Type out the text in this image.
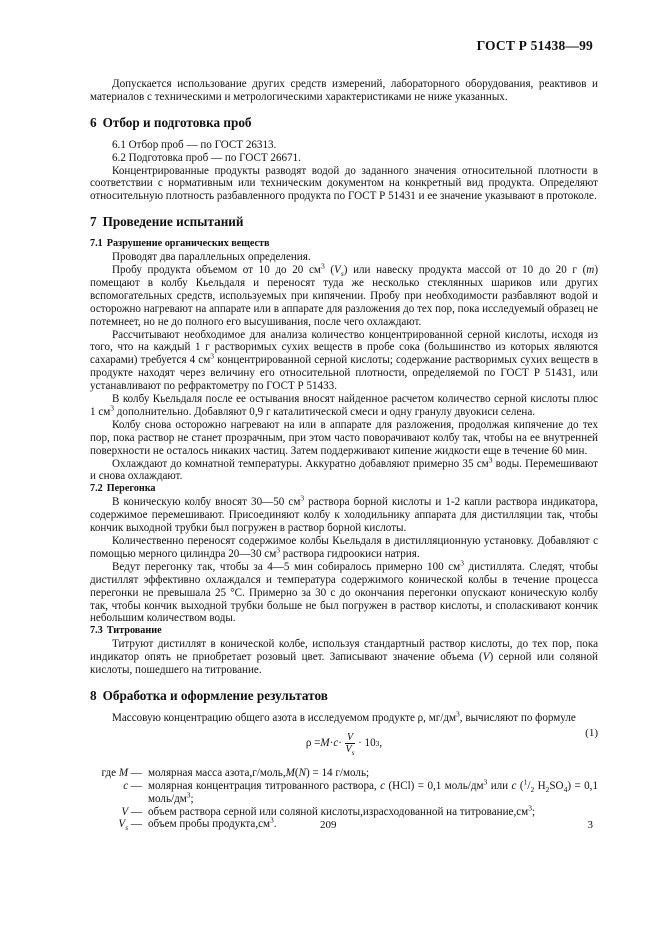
ГОСТ Р 51438—99

Допускается использование других средств измерений, лабораторного оборудования, реактивов и материалов с техническими и метрологическими характеристиками не ниже указанных.

6 Отбор и подготовка проб

6.1 Отбор проб — по ГОСТ 26313.

6.2 Подготовка проб — по ГОСТ 26671.

Концентрированные продукты разводят водой до заданного значения относительной плотности в соответствии с нормативным или техническим документом на конкретный вид продукта. Определяют относительную плотность разбавленного продукта по ГОСТ Р 51431 и ее значение указывают в протоколе.

7 Проведение испытаний

7.1 Разрушение органических веществ

Проводят два параллельных определения.

Пробу продукта объемом от 10 до 20 $см^3$ $(V_s)$ или навеску продукта массой от 10 до 20 г (m) помещают в колбу Кьельдаля и переносят туда же несколько стеклянных шариков или других вспомогательных средств, используемых при кипячении. Пробу при необходимости разбавляют водой и осторожно нагревают на аппарате или в аппарате для разложения до тех пор, пока исследуемый образец не потемнеет, но не до полного его высушивания, после чего охлаждают.

Рассчитывают необходимое для анализа количество концентрированной серной кислоты, исходя из того, что на каждый 1 г растворимых сухих веществ в пробе сока (большинство из которых являются сахарами) требуется 4 $см^3$ концентрированной серной кислоты; содержание растворимых сухих веществ в продукте находят через величину его относительной плотности, определяемой по ГОСТ Р 51431, или устанавливают по рефрактометру по ГОСТ Р 51433.

В колбу Кьельдаля после ее остывания вносят найденное расчетом количество серной кислоты плюс 1 $см^3$ дополнительно. Добавляют 0,9 г каталитической смеси и одну гранулу двуокиси селена.

Колбу снова осторожно нагревают на или в аппарате для разложения, продолжая кипячение до тех пор, пока раствор не станет прозрачным, при этом часто поворачивают колбу так, чтобы на ее внутренней поверхности не осталось никаких частиц. Затем поддерживают кипение жидкости еще в течение 60 мин.

Охлаждают до комнатной температуры. Аккуратно добавляют примерно 35 $см^3$ воды. Перемешивают и снова охлаждают.

7.2 Перегонка

В коническую колбу вносят 30—50 $см^3$ раствора борной кислоты и 1-2 капли раствора индикатора, содержимое перемешивают. Присоединяют колбу к холодильнику аппарата для дистилляции так, чтобы кончик выходной трубки был погружен в раствор борной кислоты.

Количественно переносят содержимое колбы Кьельдаля в дистилляционную установку. Добавляют с помощью мерного цилиндра 20—30 $см^3$ раствора гидроокиси натрия.

Ведут перегонку так, чтобы за 4—5 мин собиралось примерно 100 $см^3$ дистиллята. Следят, чтобы дистиллят эффективно охлаждался и температура содержимого конической колбы в течение процесса перегонки не превышала 25 °С. Примерно за 30 с до окончания перегонки опускают коническую колбу так, чтобы кончик выходной трубки больше не был погружен в раствор кислоты, и споласкивают кончик небольшим количеством воды.

7.3 Титрование

Титруют дистиллят в конической колбе, используя стандартный раствор кислоты, до тех пор, пока индикатор опять не приобретает розовый цвет. Записывают значение объема (V) серной или соляной кислоты, пошедшего на титрование.

8 Обработка и оформление результатов

Массовую концентрацию общего азота в исследуемом продукте ρ, $мг/дм^3$, вычисляют по формуле

$\rho = M \cdot c \cdot \frac{V}{V_s} \cdot 10$ 3 ,
(1)
где M — молярная масса азота,г/моль,M(N) = 14 г/моль;
c — молярная концентрация титрованного раствора, c (HCl) = 0,1 моль/$дм^3$ или c ($^1/_2$ $H_2SO_4) = 0,1$ моль/$дм^3$;
V — объем раствора серной или соляной кислоты,израсходованной на $титрование,см^3$;
$V_s$ — объем пробы $продукта,см^3$.	209	3
